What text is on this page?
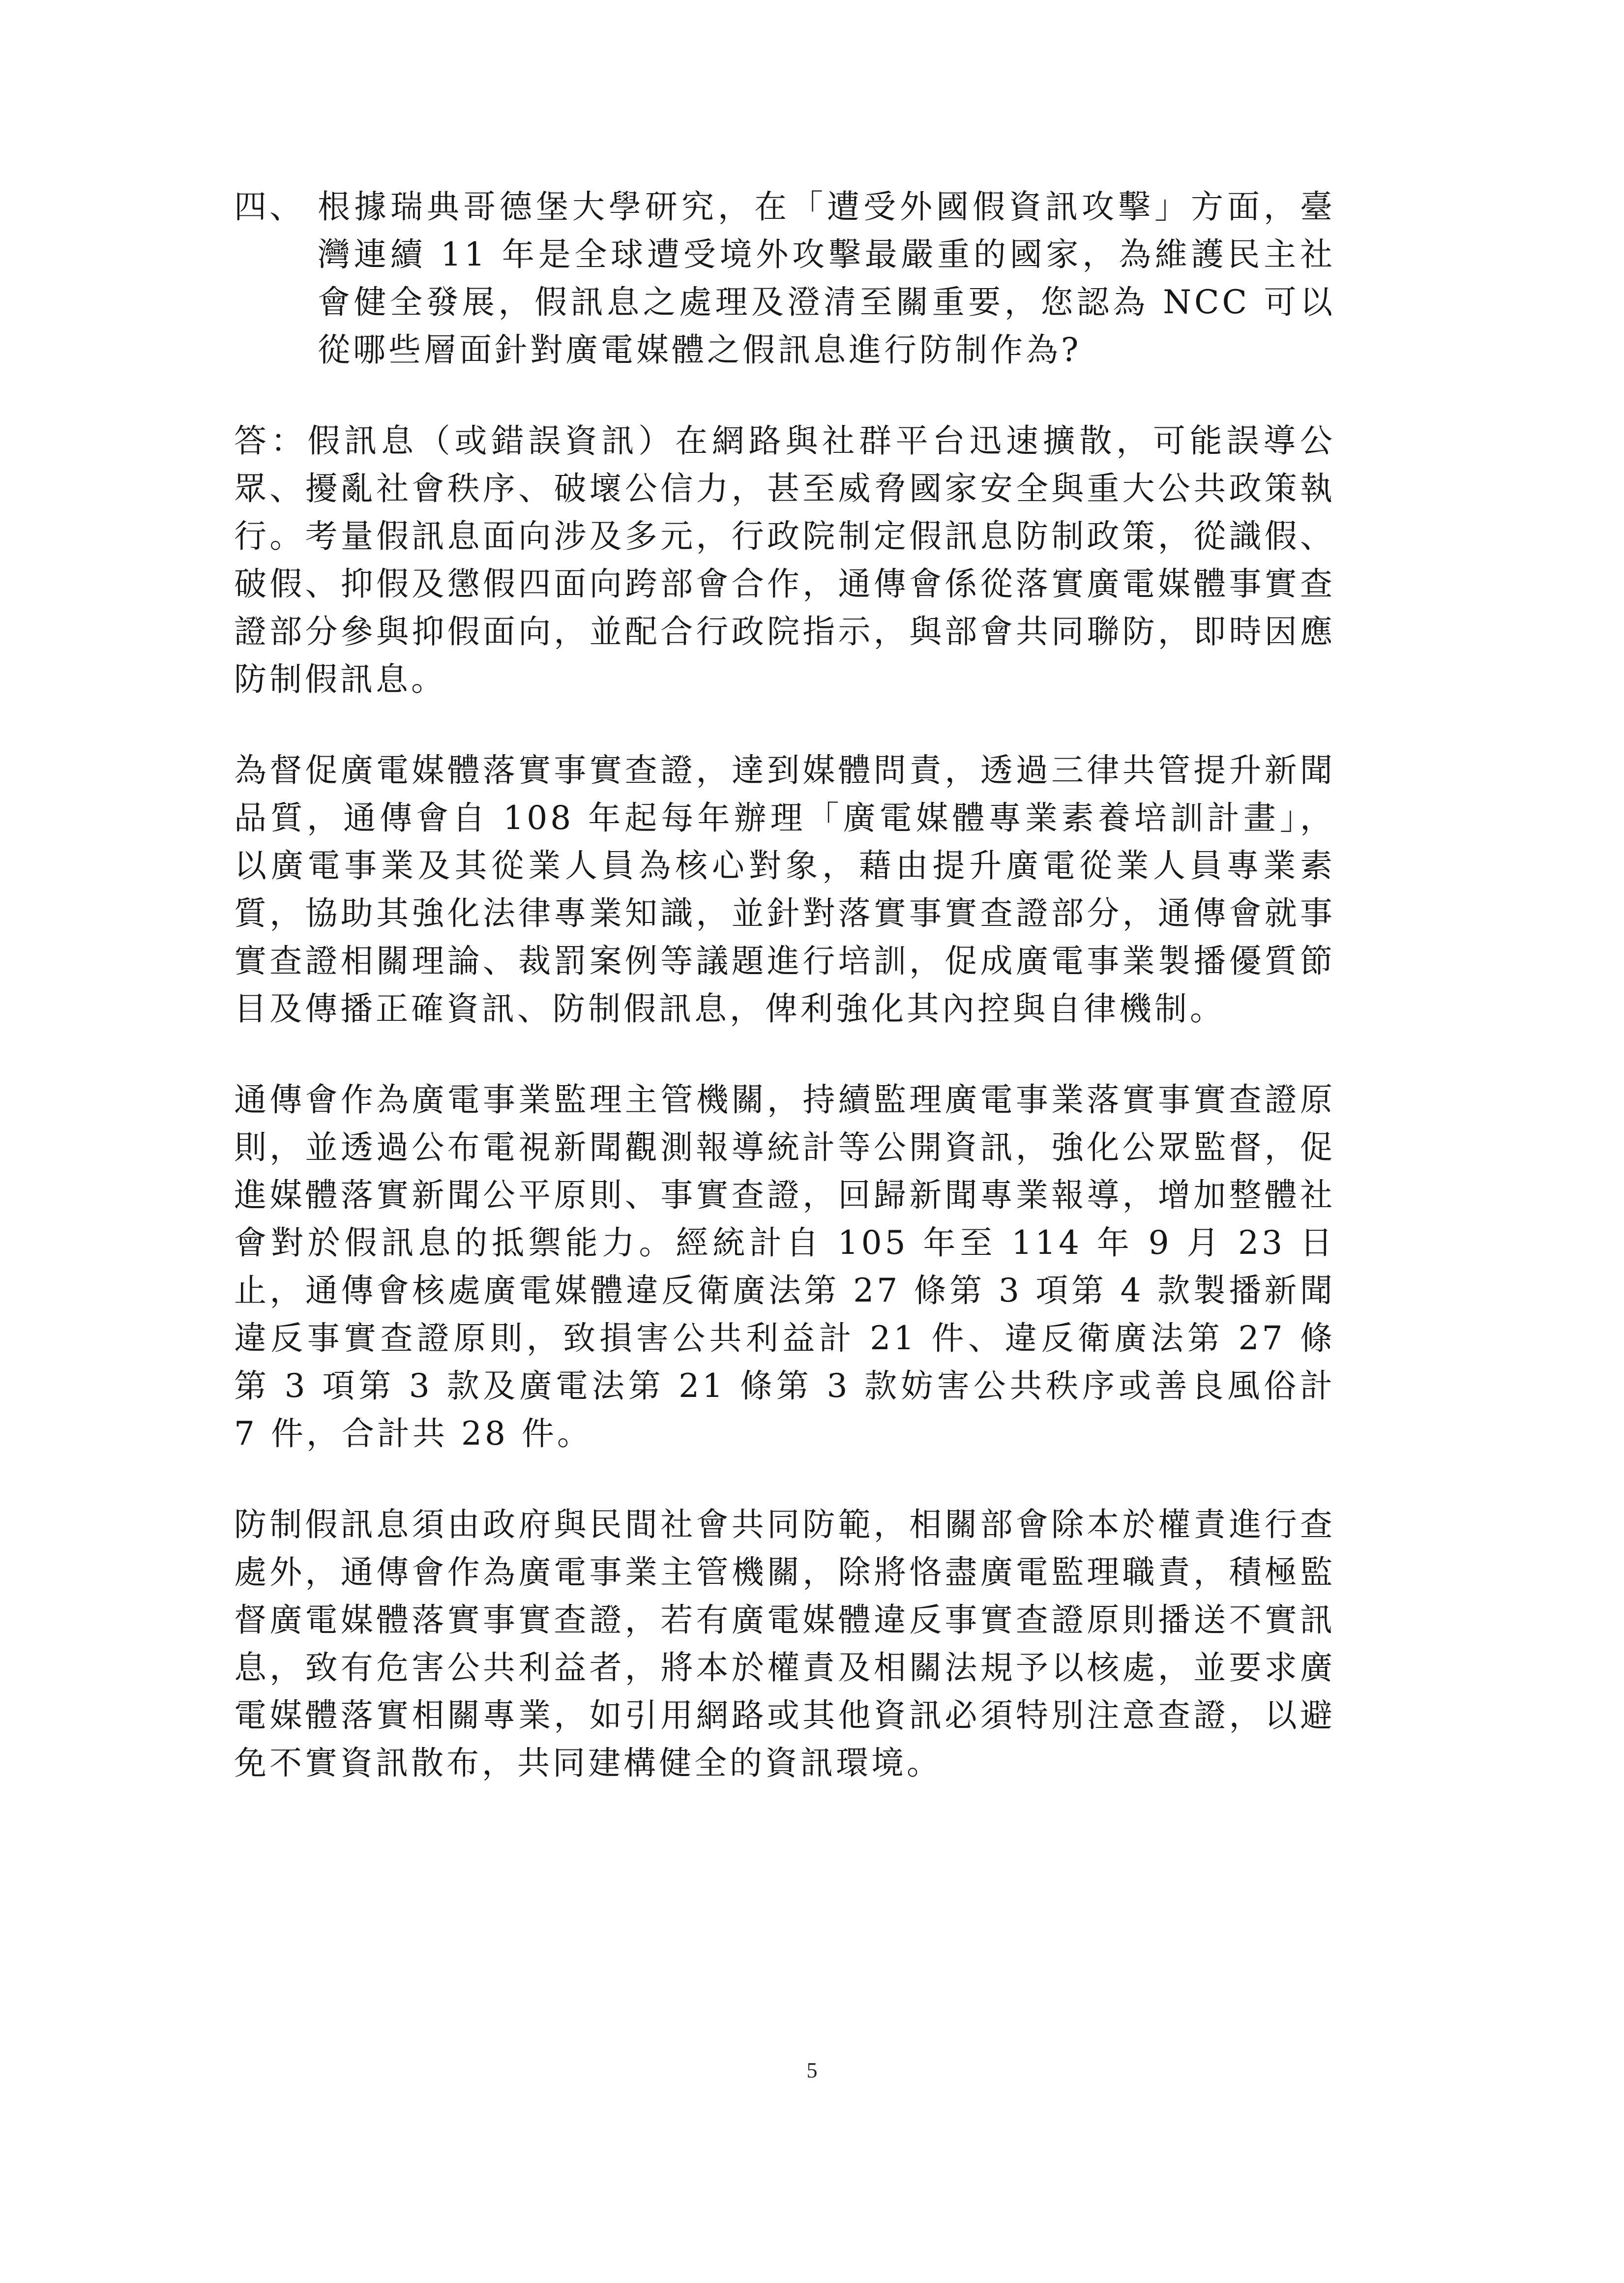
四、 根據瑞典哥德堡大學研究，在「遭受外國假資訊攻擊」方面，臺灣連續 11 年是全球遭受境外攻擊最嚴重的國家，為維護民主社會健全發展，假訊息之處理及澄清至關重要，您認為 NCC 可以從哪些層面針對廣電媒體之假訊息進行防制作為?

答：假訊息（或錯誤資訊）在網路與社群平台迅速擴散，可能誤導公眾、擾亂社會秩序、破壞公信力，甚至威脅國家安全與重大公共政策執行。考量假訊息面向涉及多元，行政院制定假訊息防制政策，從識假、破假、抑假及懲假四面向跨部會合作，通傳會係從落實廣電媒體事實查證部分參與抑假面向，並配合行政院指示，與部會共同聯防，即時因應防制假訊息。

為督促廣電媒體落實事實查證，達到媒體問責，透過三律共管提升新聞品質，通傳會自 108 年起每年辦理「廣電媒體專業素養培訓計畫」，以廣電事業及其從業人員為核心對象，藉由提升廣電從業人員專業素質，協助其強化法律專業知識，並針對落實事實查證部分，通傳會就事實查證相關理論、裁罰案例等議題進行培訓，促成廣電事業製播優質節目及傳播正確資訊、防制假訊息，俾利強化其內控與自律機制。

通傳會作為廣電事業監理主管機關，持續監理廣電事業落實事實查證原則，並透過公布電視新聞觀測報導統計等公開資訊，強化公眾監督，促進媒體落實新聞公平原則、事實查證，回歸新聞專業報導，增加整體社會對於假訊息的抵禦能力。經統計自 105 年至 114 年 9 月 23 日止，通傳會核處廣電媒體違反衛廣法第 27 條第 3 項第 4 款製播新聞違反事實查證原則，致損害公共利益計 21 件、違反衛廣法第 27 條第 3 項第 3 款及廣電法第 21 條第 3 款妨害公共秩序或善良風俗計 7 件，合計共 28 件。

防制假訊息須由政府與民間社會共同防範，相關部會除本於權責進行查處外，通傳會作為廣電事業主管機關，除將恪盡廣電監理職責，積極監督廣電媒體落實事實查證，若有廣電媒體違反事實查證原則播送不實訊息，致有危害公共利益者，將本於權責及相關法規予以核處，並要求廣電媒體落實相關專業，如引用網路或其他資訊必須特別注意查證，以避免不實資訊散布，共同建構健全的資訊環境。

5
